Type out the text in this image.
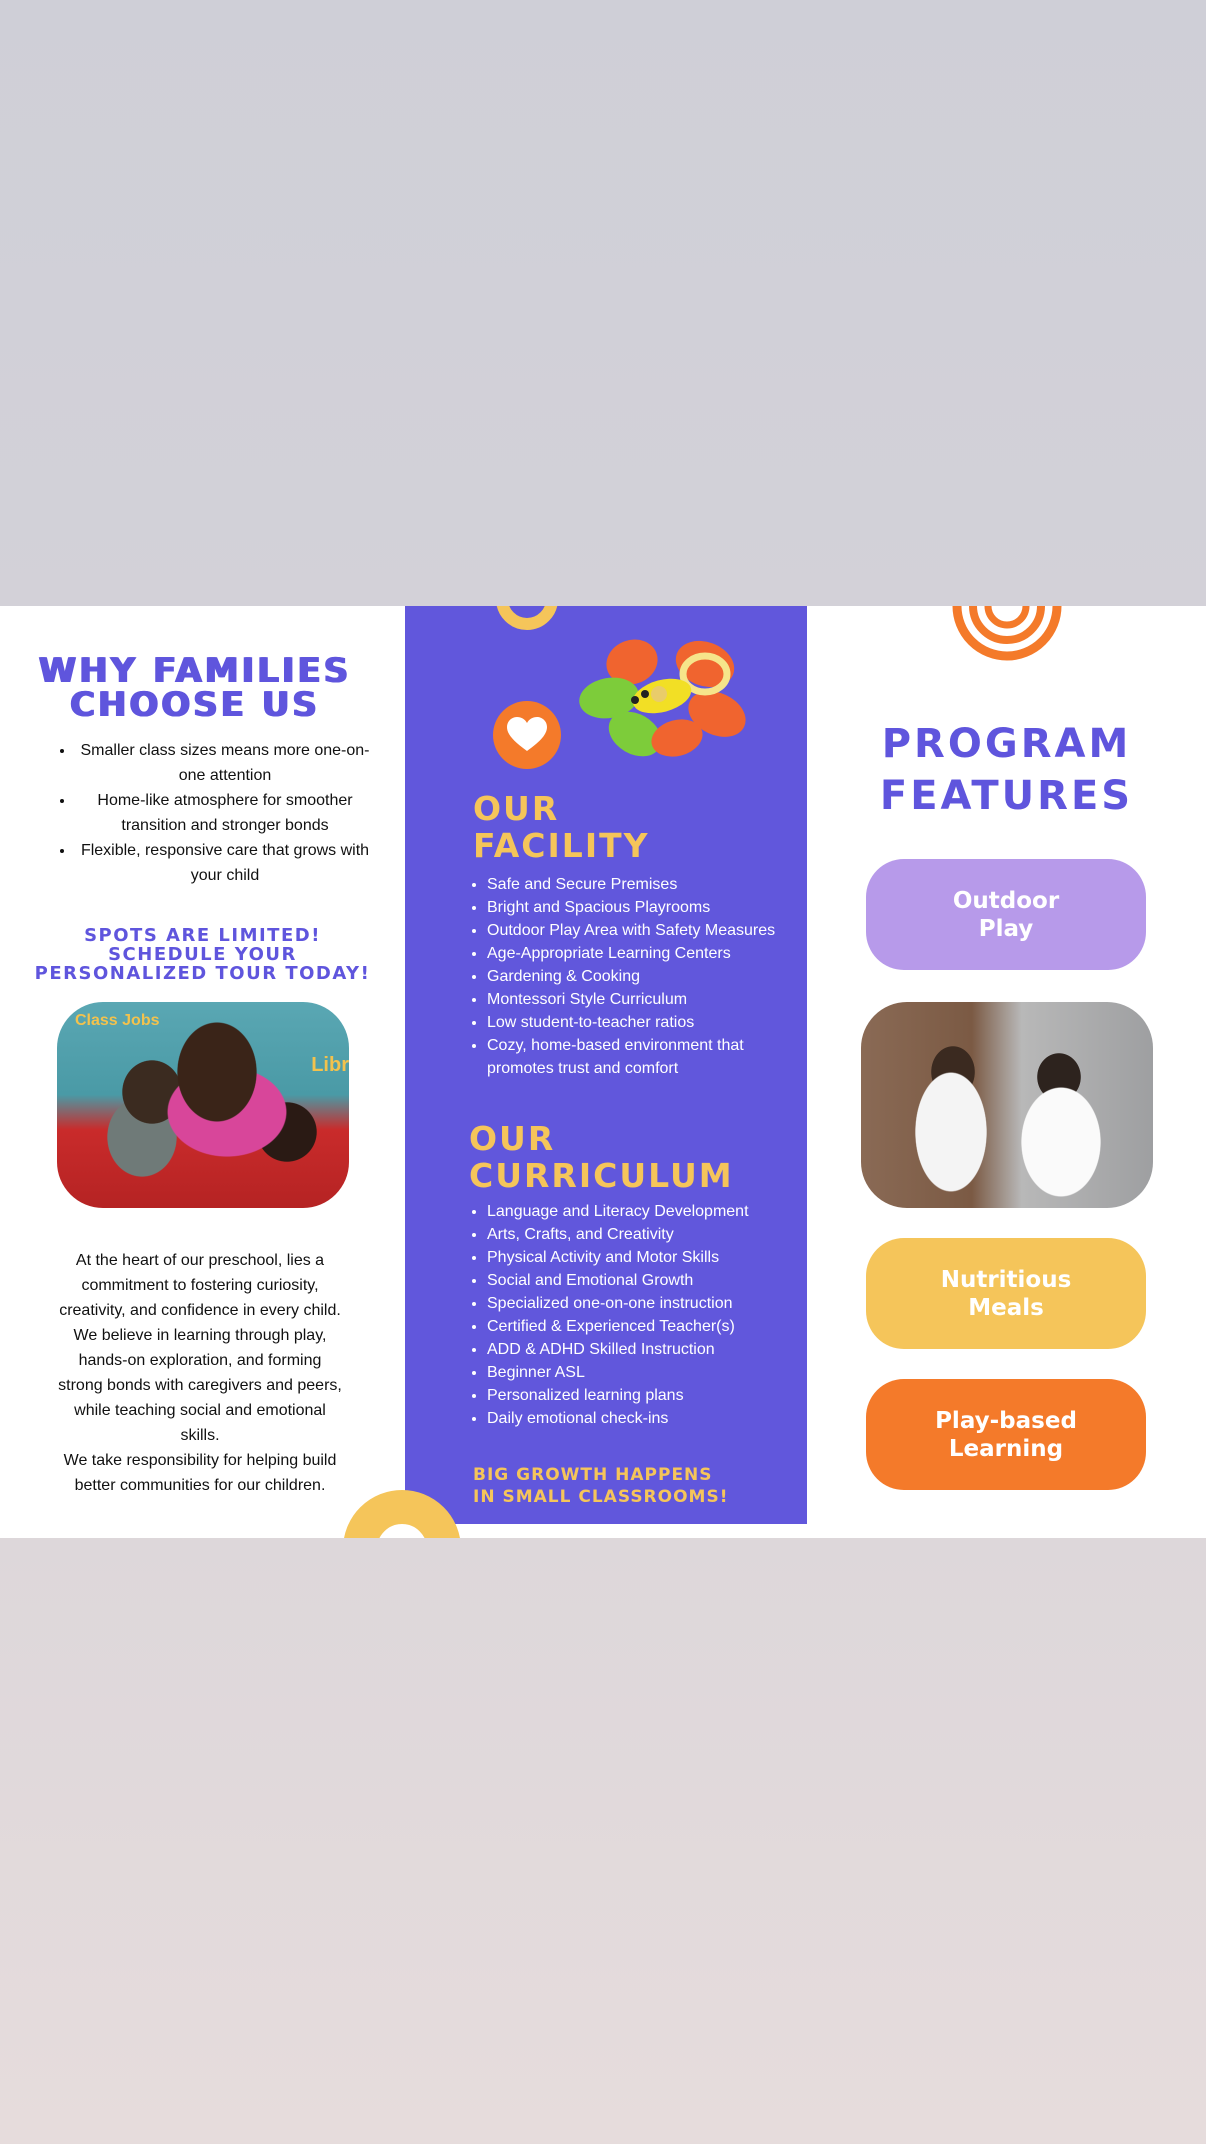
WHY FAMILIES
CHOOSE US
• Smaller class sizes means more one-on-one attention
• Home-like atmosphere for smoother transition and stronger bonds
• Flexible, responsive care that grows with your child
SPOTS ARE LIMITED!
SCHEDULE YOUR
PERSONALIZED TOUR TODAY!
Class Jobs
Libr
At the heart of our preschool, lies a commitment to fostering curiosity, creativity, and confidence in every child. We believe in learning through play, hands-on exploration, and forming strong bonds with caregivers and peers, while teaching social and emotional skills.
We take responsibility for helping build better communities for our children.
OUR
FACILITY
• Safe and Secure Premises
• Bright and Spacious Playrooms
• Outdoor Play Area with Safety Measures
• Age-Appropriate Learning Centers
• Gardening & Cooking
• Montessori Style Curriculum
• Low student-to-teacher ratios
• Cozy, home-based environment that promotes trust and comfort
OUR
CURRICULUM
• Language and Literacy Development
• Arts, Crafts, and Creativity
• Physical Activity and Motor Skills
• Social and Emotional Growth
• Specialized one-on-one instruction
• Certified & Experienced Teacher(s)
• ADD & ADHD Skilled Instruction
• Beginner ASL
• Personalized learning plans
• Daily emotional check-ins

BIG GROWTH HAPPENS
IN SMALL CLASSROOMS!

PROGRAM
FEATURES
Outdoor Play
Nutritious Meals
Play-based Learning
